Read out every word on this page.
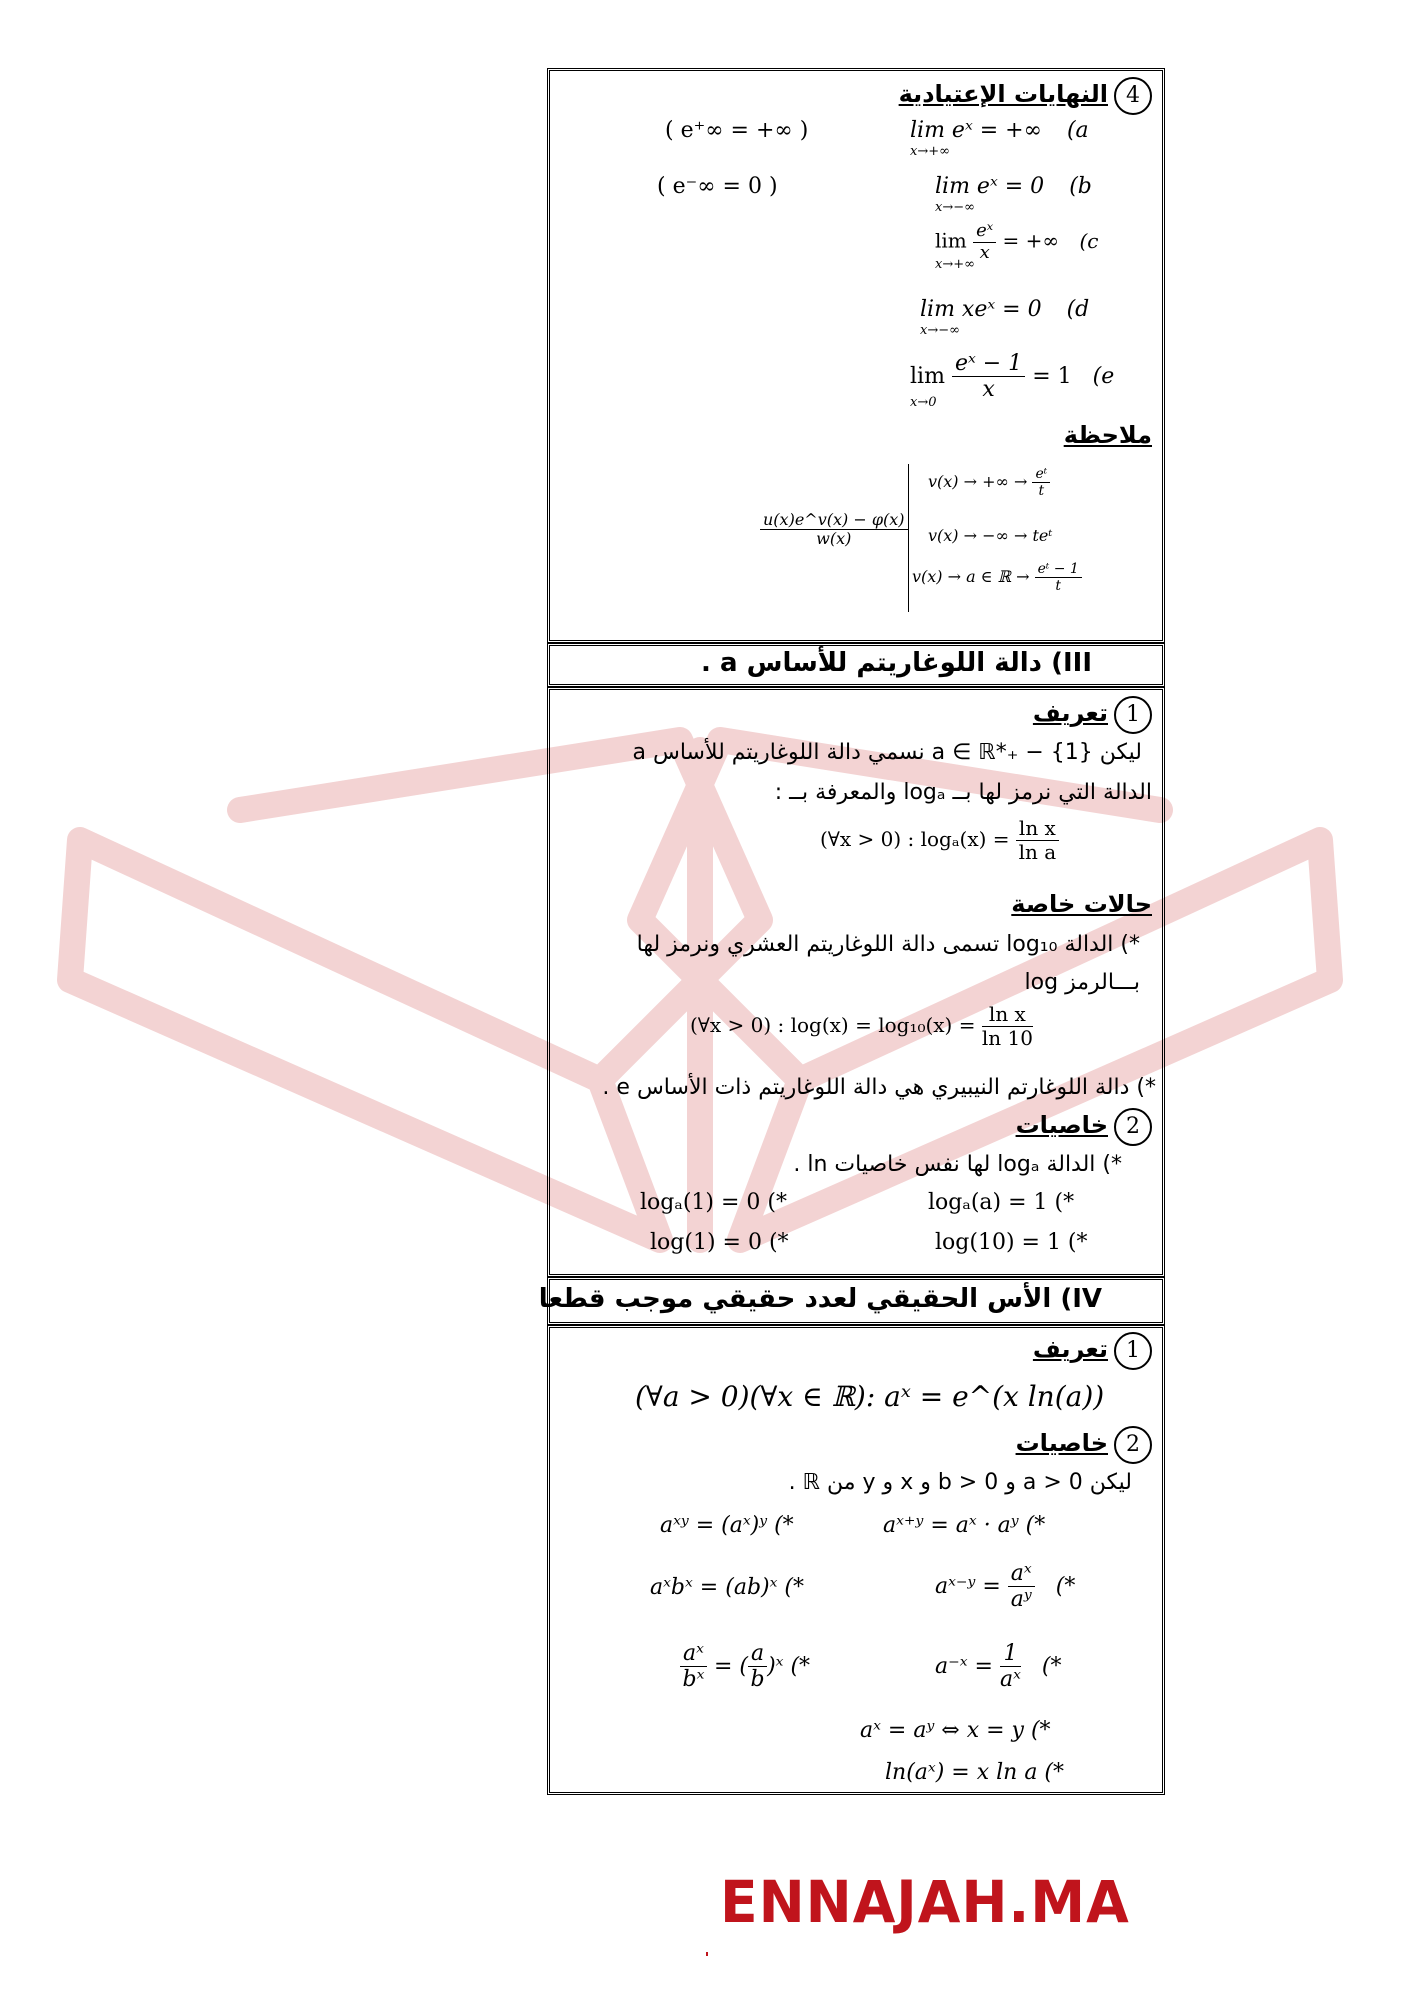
4النهايات الإعتيادية
lim eˣ = +∞ (a
x→+∞
( e⁺∞ = +∞ )
lim eˣ = 0 (b
x→−∞
( e⁻∞ = 0 )
$\lim \frac{\text{eˣ}}{x}$ = +∞ (c
x→+∞
lim xeˣ = 0 (d
x→−∞
$\lim \frac{\text{eˣ − 1}}{x} = 1$ (e
x→0
ملاحظة
$\frac{u(x)e\^{}v(x) - \varphi(x)}{w(x)}$
v(x) → +∞ → $\frac{\text{eᵗ}}{t}$
v(x) → −∞ → teᵗ
v(x) → a ∈ ℝ → $\frac{\text{eᵗ − 1}}{t}$
III) دالة اللوغاريتم للأساس a .
1تعريف
ليكن a ∈ ℝ*₊ − {1} نسمي دالة اللوغاريتم للأساس a
الدالة التي نرمز لها بــ logₐ والمعرفة بــ :
(∀x > 0) : $\log_a(x) = \frac{\text{ln x}}{\text{ln a}}$
حالات خاصة
*) الدالة log₁₀ تسمى دالة اللوغاريتم العشري ونرمز لها
بـــالرمز log
(∀x > 0) : $\log(x) = \log_{10}(x) = \frac{\text{ln x}}{\ln 10}$
*) دالة اللوغارتم النيبيري هي دالة اللوغاريتم ذات الأساس e .
2خاصيات
*) الدالة logₐ لها نفس خاصيات ln .
logₐ(a) = 1 (*
logₐ(1) = 0 (*
log(10) = 1 (*
log(1) = 0 (*
IV) الأس الحقيقي لعدد حقيقي موجب قطعا
1تعريف
(∀a > 0)(∀x ∈ ℝ): aˣ = e^(x ln(a))
2خاصيات
ليكن a > 0 و b > 0 و x و y من ℝ .
aˣ⁺ʸ = aˣ · aʸ (*
aˣʸ = (aˣ)ʸ (*
aˣ⁻ʸ = $\frac{\text{aˣ}}{\text{aʸ}}$ (*
aˣbˣ = (ab)ˣ (*
a⁻ˣ = $\frac{1}{\text{aˣ}}$ (*
$\frac{\text{aˣ}}{\text{bˣ}}$ = ( $\frac{a}{b}$ )ˣ (*
aˣ = aʸ ⇔ x = y (*
ln(aˣ) = x ln a (*
ENNAJAH.MA
